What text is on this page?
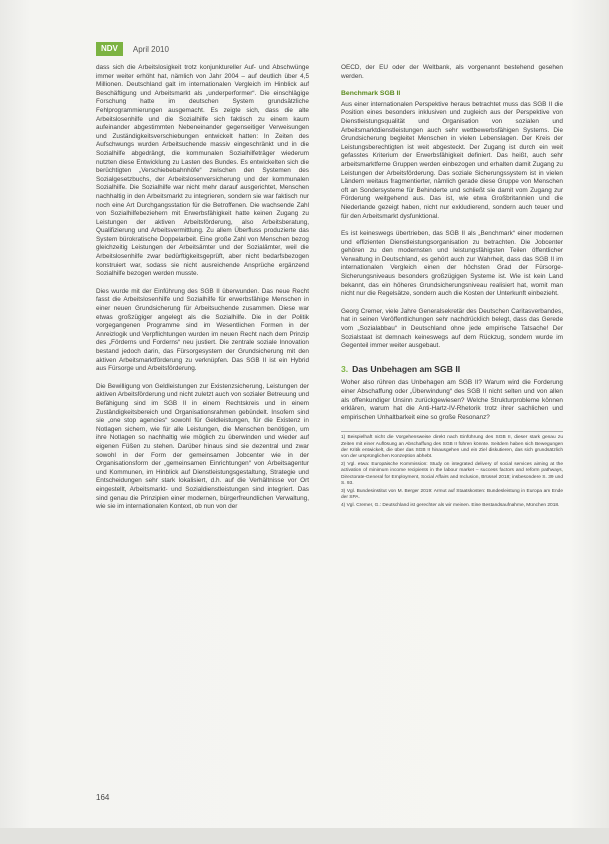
NDV	April 2010

dass sich die Arbeitslosigkeit trotz konjunktureller Auf- und Abschwünge immer weiter erhöht hat, nämlich von Jahr 2004 – auf deutlich über 4,5 Millionen. Deutschland galt im internationalen Vergleich im Hinblick auf Beschäftigung und Arbeitsmarkt als „underperformer“. Die einschlägige Forschung hatte im deutschen System grundsätzliche Fehlprogrammierungen ausgemacht. Es zeigte sich, dass die alte Arbeitslosenhilfe und die Sozialhilfe sich faktisch zu einem kaum aufeinander abgestimmten Nebeneinander gegenseitiger Verweisungen und Zuständigkeitsverschiebungen entwickelt hatten: In Zeiten des Aufschwungs wurden Arbeitsuchende massiv eingeschränkt und in die Sozialhilfe abgedrängt, die kommunalen Sozialhilfeträger wiederum nutzten diese Entwicklung zu Lasten des Bundes. Es entwickelten sich die berüchtigten „Verschiebebahnhöfe“ zwischen den Systemen des Sozialgesetzbuchs, der Arbeitslosenversicherung und der kommunalen Sozialhilfe. Die Sozialhilfe war nicht mehr darauf ausgerichtet, Menschen nachhaltig in den Arbeitsmarkt zu integrieren, sondern sie war faktisch nur noch eine Art Durchgangsstation für die Betroffenen. Die wachsende Zahl von Sozialhilfebeziehern mit Erwerbsfähigkeit hatte keinen Zugang zu Leistungen der aktiven Arbeitsförderung, also Arbeitsberatung, Qualifizierung und Arbeitsvermittlung. Zu allem Überfluss produzierte das System bürokratische Doppelarbeit. Eine große Zahl von Menschen bezog gleichzeitig Leistungen der Arbeitsämter und der Sozialämter, weil die Arbeitslosenhilfe zwar bedürftigkeitsgeprüft, aber nicht bedarfsbezogen konstruiert war, sodass sie nicht ausreichende Ansprüche ergänzend Sozialhilfe bezogen werden musste.

Dies wurde mit der Einführung des SGB II überwunden. Das neue Recht fasst die Arbeitslosenhilfe und Sozialhilfe für erwerbsfähige Menschen in einer neuen Grundsicherung für Arbeitsuchende zusammen. Diese war etwas großzügiger angelegt als die Sozialhilfe. Die in der Politik vorgegangenen Programme sind im Wesentlichen Formen in der Anreizlogik und Verpflichtungen wurden im neuen Recht nach dem Prinzip des „Förderns und Forderns“ neu justiert. Die zentrale soziale Innovation bestand jedoch darin, das Fürsorgesystem der Grundsicherung mit den aktiven Arbeitsmarktförderung zu verknüpfen. Das SGB II ist ein Hybrid aus Fürsorge und Arbeitsförderung.

Die Bewilligung von Geldleistungen zur Existenzsicherung, Leistungen der aktiven Arbeitsförderung und nicht zuletzt auch von sozialer Betreuung und Befähigung sind im SGB II in einem Rechtskreis und in einem Zuständigkeitsbereich und Organisationsrahmen gebündelt. Insofern sind sie „one stop agencies“ sowohl für Geldleistungen, für die Existenz in Notlagen sichern, wie für alle Leistungen, die Menschen benötigen, um ihre Notlagen so nachhaltig wie möglich zu überwinden und wieder auf eigenen Füßen zu stehen. Darüber hinaus sind sie dezentral und zwar sowohl in der Form der gemeinsamen Jobcenter wie in der Organisationsform der „gemeinsamen Einrichtungen“ von Arbeitsagentur und Kommunen, im Hinblick auf Dienstleistungsgestaltung, Strategie und Entscheidungen sehr stark lokalisiert, d.h. auf die Verhältnisse vor Ort eingestellt, Arbeitsmarkt- und Sozialdienstleistungen sind integriert. Das sind genau die Prinzipien einer modernen, bürgerfreundlichen Verwaltung, wie sie im internationalen Kontext, ob nun von der

OECD, der EU oder der Weltbank, als vorgenannt bestehend gesehen werden.

Benchmark SGB II

Aus einer internationalen Perspektive heraus betrachtet muss das SGB II die Position eines besonders inklusiven und zugleich aus der Perspektive von Dienstleistungsqualität und Organisation von sozialen und Arbeitsmarktdienstleistungen auch sehr wettbewerbsfähigen Systems. Die Grundsicherung begleitet Menschen in vielen Lebenslagen. Der Kreis der Leistungsberechtigten ist weit abgesteckt. Der Zugang ist durch ein weit gefasstes Kriterium der Erwerbsfähigkeit definiert. Das heißt, auch sehr arbeitsmarktferne Gruppen werden einbezogen und erhalten damit Zugang zu Leistungen der Arbeitsförderung. Das soziale Sicherungssystem ist in vielen Ländern weitaus fragmentierter, nämlich gerade diese Gruppe von Menschen oft an Sondersysteme für Behinderte und schließt sie damit vom Zugang zur Förderung weitgehend aus. Das ist, wie etwa Großbritannien und die Niederlande gezeigt haben, nicht nur exkludierend, sondern auch teuer und für den Arbeitsmarkt dysfunktional.

Es ist keineswegs übertrieben, das SGB II als „Benchmark“ einer modernen und effizienten Dienstleistungsorganisation zu betrachten. Die Jobcenter gehören zu den modernsten und leistungsfähigsten Teilen öffentlicher Verwaltung in Deutschland, es gehört auch zur Wahrheit, dass das SGB II im internationalen Vergleich einen der höchsten Grad der Fürsorge-Sicherungsniveaus besonders großzügigen Systeme ist. Wie ist kein Land bekannt, das ein höheres Grundsicherungsniveau realisiert hat, womit man nicht nur die Regelsätze, sondern auch die Kosten der Unterkunft einbezieht.

Georg Cremer, viele Jahre Generalsekretär des Deutschen Caritasverbandes, hat in seinen Veröffentlichungen sehr nachdrücklich belegt, dass das Gerede vom „Sozialabbau“ in Deutschland ohne jede empirische Tatsache! Der Sozialstaat ist demnach keineswegs auf dem Rückzug, sondern wurde im Gegenteil immer weiter ausgebaut.

3. Das Unbehagen am SGB II

Woher also rühren das Unbehagen am SGB II? Warum wird die Forderung einer Abschaffung oder „Überwindung“ des SGB II nicht selten und von allen als offenkundiger Unsinn zurückgewiesen? Welche Strukturprobleme können erklären, warum hat die Anti-Hartz-IV-Rhetorik trotz ihrer sachlichen und empirischen Unhaltbarkeit eine so große Resonanz?

1) Beispielhaft nicht die Vorgehensweise direkt nach Einführung des SGB II, dieser stark genau zu Zeiten mit einer Auflösung an Abschaffung des SGB II führen könnte. Seitdem haben sich Bewegungen der Kritik entwickelt, die über das SGB II hinausgehen und ein Ziel diskutieren, das sich grundsätzlich von der ursprünglichen Konzeption abhebt.

2) Vgl. etwa: Europäische Kommission: Study on integrated delivery of social services aiming at the activation of minimum income recipients in the labour market – success factors and reform pathways, Directorate-General for Employment, Social Affairs and Inclusion, Brüssel 2018; insbesondere S. 39 und S. 93.

3) Vgl. Bundesinstitut von M. Berger 2019: Armut auf Staatskosten: Bundesleistung in Europa am Ende der SPA.

4) Vgl. Cremer, G.: Deutschland ist gerechter als wir meinen. Eine Bestandsaufnahme, München 2018.

164
